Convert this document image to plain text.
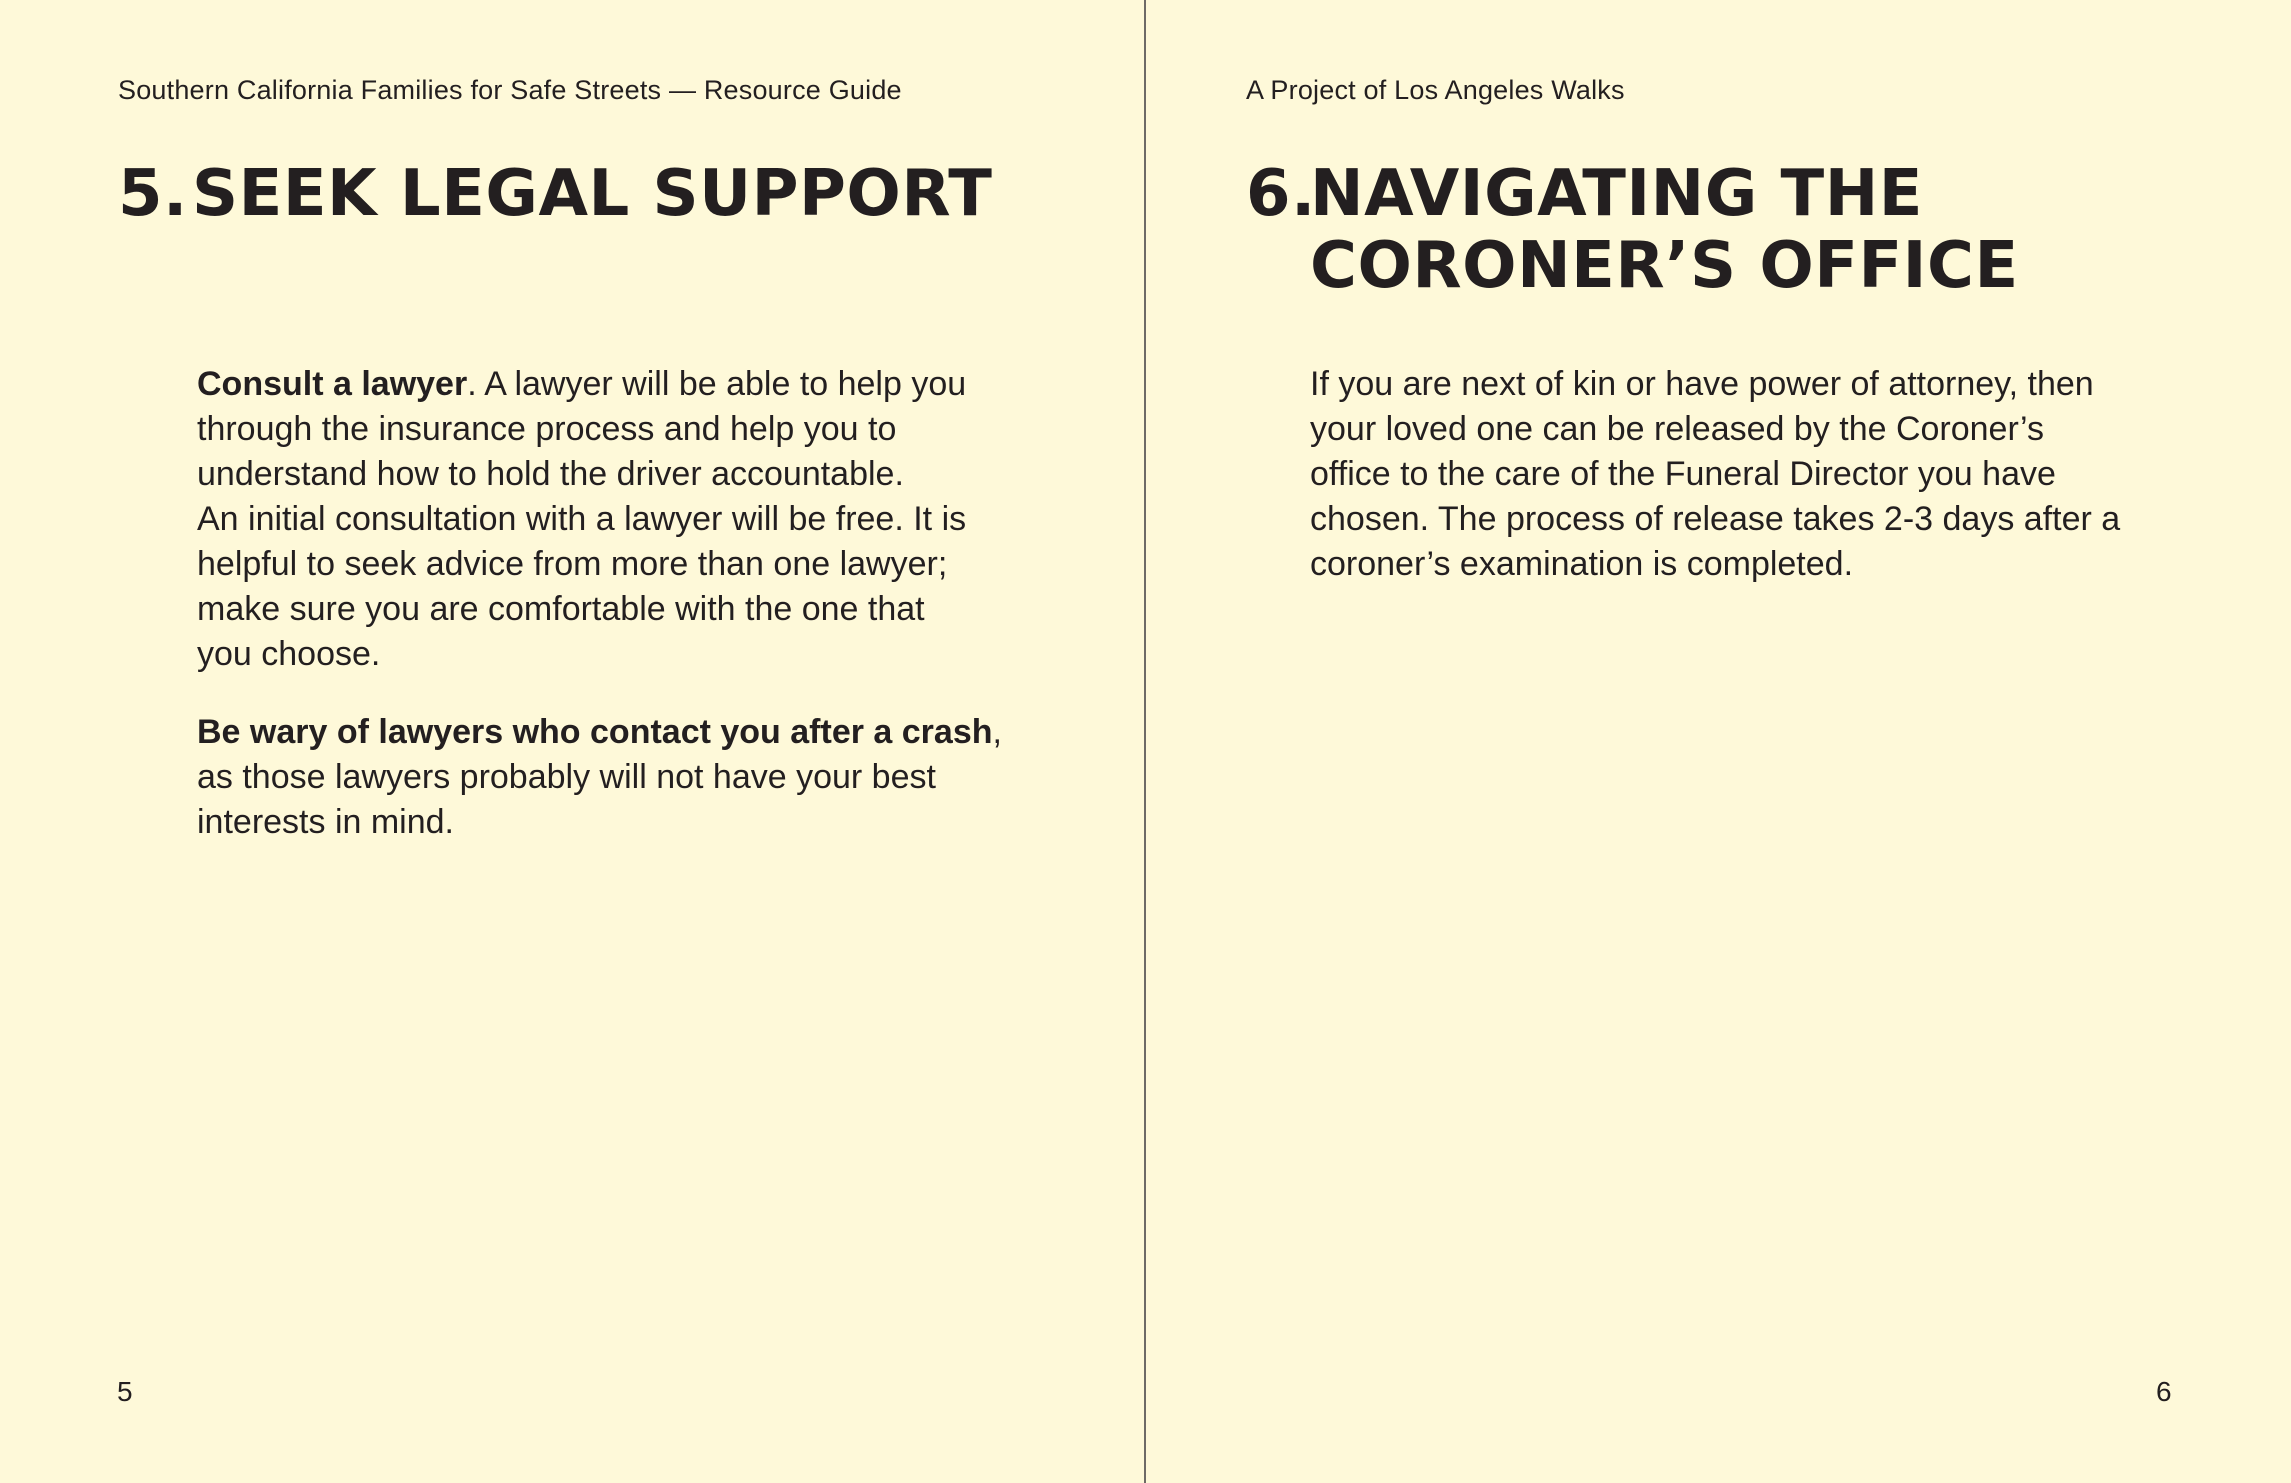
Southern California Families for Safe Streets — Resource Guide
5. SEEK LEGAL SUPPORT

Consult a lawyer. A lawyer will be able to help you
through the insurance process and help you to
understand how to hold the driver accountable.
An initial consultation with a lawyer will be free. It is
helpful to seek advice from more than one lawyer;
make sure you are comfortable with the one that
you choose.

Be wary of lawyers who contact you after a crash,
as those lawyers probably will not have your best
interests in mind.

5
A Project of Los Angeles Walks
6.
NAVIGATING THE
CORONER’S OFFICE

If you are next of kin or have power of attorney, then
your loved one can be released by the Coroner’s
office to the care of the Funeral Director you have
chosen. The process of release takes 2-3 days after a
coroner’s examination is completed.

6
